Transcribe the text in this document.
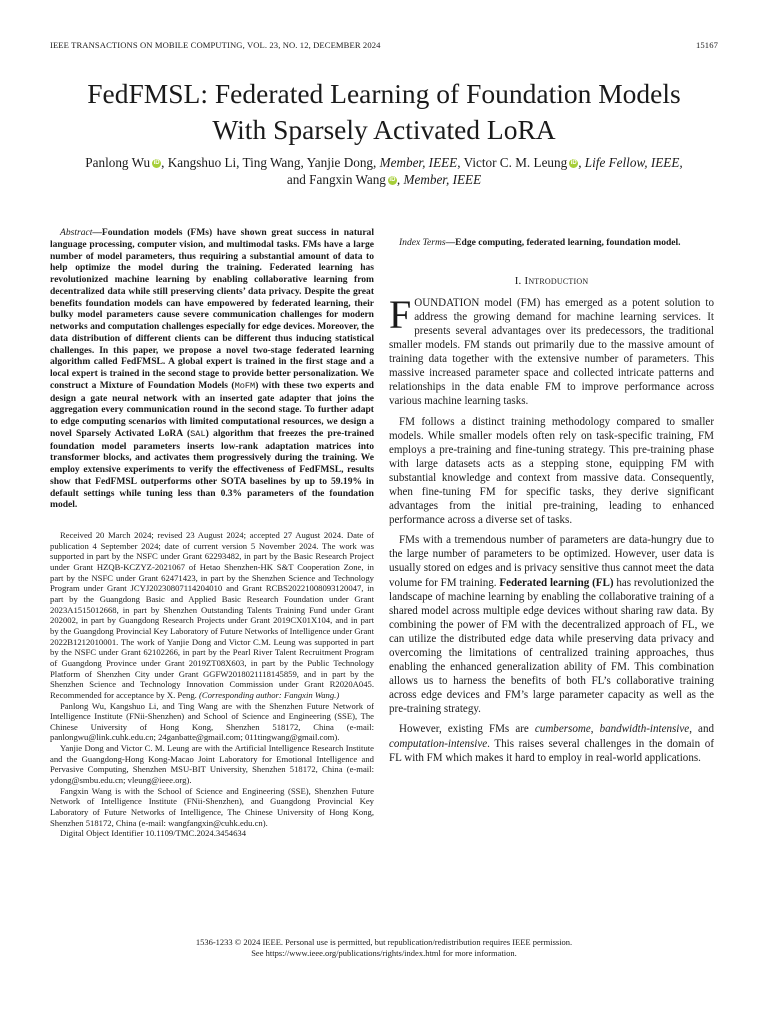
IEEE TRANSACTIONS ON MOBILE COMPUTING, VOL. 23, NO. 12, DECEMBER 2024	15167
FedFMSL: Federated Learning of Foundation Models
With Sparsely Activated LoRA
Panlong Wu iD , Kangshuo Li, Ting Wang, Yanjie Dong, Member, IEEE, Victor C. M. Leung iD , Life Fellow, IEEE,
and Fangxin Wang iD , Member, IEEE

Abstract—Foundation models (FMs) have shown great success in natural language processing, computer vision, and multimodal tasks. FMs have a large number of model parameters, thus requiring a substantial amount of data to help optimize the model during the training. Federated learning has revolutionized machine learning by enabling collaborative learning from decentralized data while still preserving clients’ data privacy. Despite the great benefits foundation models can have empowered by federated learning, their bulky model parameters cause severe communication challenges for modern networks and computation challenges especially for edge devices. Moreover, the data distribution of different clients can be different thus inducing statistical challenges. In this paper, we propose a novel two-stage federated learning algorithm called FedFMSL. A global expert is trained in the first stage and a local expert is trained in the second stage to provide better personalization. We construct a Mixture of Foundation Models (MoFM) with these two experts and design a gate neural network with an inserted gate adapter that joins the aggregation every communication round in the second stage. To further adapt to edge computing scenarios with limited computational resources, we design a novel Sparsely Activated LoRA (SAL) algorithm that freezes the pre-trained foundation model parameters inserts low-rank adaptation matrices into transformer blocks, and activates them progressively during the training. We employ extensive experiments to verify the effectiveness of FedFMSL, results show that FedFMSL outperforms other SOTA baselines by up to 59.19% in default settings while tuning less than 0.3% parameters of the foundation model.

Received 20 March 2024; revised 23 August 2024; accepted 27 August 2024. Date of publication 4 September 2024; date of current version 5 November 2024. The work was supported in part by the NSFC under Grant 62293482, in part by the Basic Research Project under Grant HZQB-KCZYZ-2021067 of Hetao Shenzhen-HK S&T Cooperation Zone, in part by the NSFC under Grant 62471423, in part by the Shenzhen Science and Technology Program under Grant JCYJ20230807114204010 and Grant RCBS20221008093120047, in part by the Guangdong Basic and Applied Basic Research Foundation under Grant 2023A1515012668, in part by Shenzhen Outstanding Talents Training Fund under Grant 202002, in part by Guangdong Research Projects under Grant 2019CX01X104, and in part by the Guangdong Provincial Key Laboratory of Future Networks of Intelligence under Grant 2022B1212010001. The work of Yanjie Dong and Victor C.M. Leung was supported in part by the NSFC under Grant 62102266, in part by the Pearl River Talent Recruitment Program of Guangdong Province under Grant 2019ZT08X603, in part by the Public Technology Platform of Shenzhen City under Grant GGFW2018021118145859, and in part by the Shenzhen Science and Technology Innovation Commission under Grant R2020A045. Recommended for acceptance by X. Peng. (Corresponding author: Fangxin Wang.)

Panlong Wu, Kangshuo Li, and Ting Wang are with the Shenzhen Future Network of Intelligence Institute (FNii-Shenzhen) and School of Science and Engineering (SSE), The Chinese University of Hong Kong, Shenzhen 518172, China (e-mail: panlongwu@link.cuhk.edu.cn; 24ganbatte@gmail.com; 011tingwang@gmail.com).

Yanjie Dong and Victor C. M. Leung are with the Artificial Intelligence Research Institute and the Guangdong-Hong Kong-Macao Joint Laboratory for Emotional Intelligence and Pervasive Computing, Shenzhen MSU-BIT University, Shenzhen 518172, China (e-mail: ydong@smbu.edu.cn; vleung@ieee.org).

Fangxin Wang is with the School of Science and Engineering (SSE), Shenzhen Future Network of Intelligence Institute (FNii-Shenzhen), and Guangdong Provincial Key Laboratory of Future Networks of Intelligence, The Chinese University of Hong Kong, Shenzhen 518172, China (e-mail: wangfangxin@cuhk.edu.cn).

Digital Object Identifier 10.1109/TMC.2024.3454634

Index Terms—Edge computing, federated learning, foundation model.

I. Introduction

FOUNDATION model (FM) has emerged as a potent solution to address the growing demand for machine learning services. It presents several advantages over its predecessors, the traditional smaller models. FM stands out primarily due to the massive amount of training data together with the extensive number of parameters. This massive increased parameter space and collected intricate patterns and relationships in the data enable FM to improve performance across various machine learning tasks.

FM follows a distinct training methodology compared to smaller models. While smaller models often rely on task-specific training, FM employs a pre-training and fine-tuning strategy. This pre-training phase with large datasets acts as a stepping stone, equipping FM with substantial knowledge and context from massive data. Consequently, when fine-tuning FM for specific tasks, they derive significant advantages from the initial pre-training, leading to enhanced performance across a diverse set of tasks.

FMs with a tremendous number of parameters are data-hungry due to the large number of parameters to be optimized. However, user data is usually stored on edges and is privacy sensitive thus cannot meet the data volume for FM training. Federated learning (FL) has revolutionized the landscape of machine learning by enabling the collaborative training of a shared model across multiple edge devices without sharing raw data. By combining the power of FM with the decentralized approach of FL, we can utilize the distributed edge data while preserving data privacy and overcoming the limitations of centralized training approaches, thus enabling the enhanced generalization ability of FM. This combination allows us to harness the benefits of both FL’s collaborative training across edge devices and FM’s large parameter capacity as well as the pre-training strategy.

However, existing FMs are cumbersome, bandwidth-intensive, and computation-intensive. This raises several challenges in the domain of FL with FM which makes it hard to employ in real-world applications.

1536-1233 © 2024 IEEE. Personal use is permitted, but republication/redistribution requires IEEE permission.
See https://www.ieee.org/publications/rights/index.html for more information.
